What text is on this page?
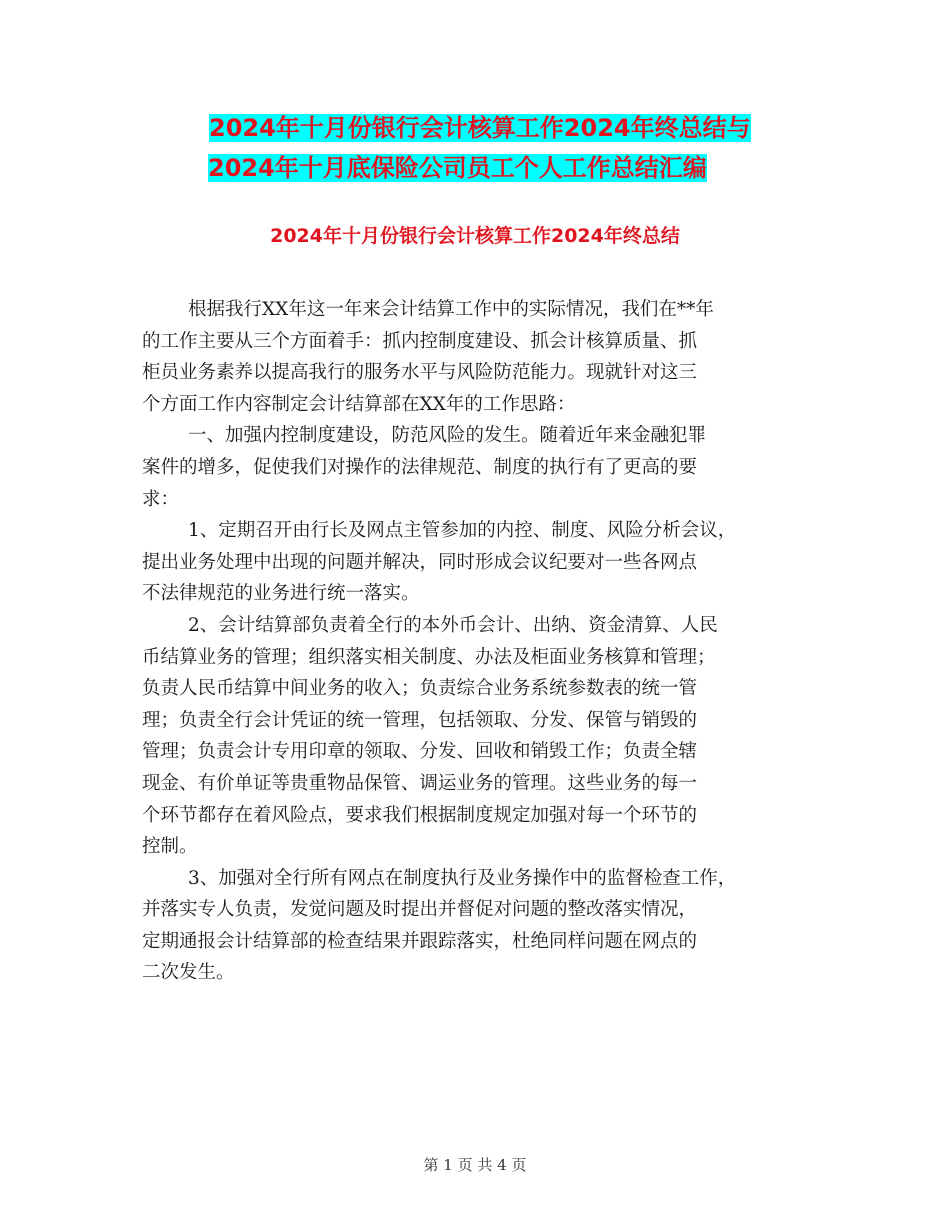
2024年十月份银行会计核算工作2024年终总结与
2024年十月底保险公司员工个人工作总结汇编
2024年十月份银行会计核算工作2024年终总结
根据我行XX年这一年来会计结算工作中的实际情况，我们在**年
的工作主要从三个方面着手：抓内控制度建设、抓会计核算质量、抓
柜员业务素养以提高我行的服务水平与风险防范能力。现就针对这三
个方面工作内容制定会计结算部在XX年的工作思路：
一、加强内控制度建设，防范风险的发生。随着近年来金融犯罪
案件的增多，促使我们对操作的法律规范、制度的执行有了更高的要
求：
1、定期召开由行长及网点主管参加的内控、制度、风险分析会议，
提出业务处理中出现的问题并解决，同时形成会议纪要对一些各网点
不法律规范的业务进行统一落实。
2、会计结算部负责着全行的本外币会计、出纳、资金清算、人民
币结算业务的管理；组织落实相关制度、办法及柜面业务核算和管理；
负责人民币结算中间业务的收入；负责综合业务系统参数表的统一管
理；负责全行会计凭证的统一管理，包括领取、分发、保管与销毁的
管理；负责会计专用印章的领取、分发、回收和销毁工作；负责全辖
现金、有价单证等贵重物品保管、调运业务的管理。这些业务的每一
个环节都存在着风险点，要求我们根据制度规定加强对每一个环节的
控制。
3、加强对全行所有网点在制度执行及业务操作中的监督检查工作，
并落实专人负责，发觉问题及时提出并督促对问题的整改落实情况，
定期通报会计结算部的检查结果并跟踪落实，杜绝同样问题在网点的
二次发生。
第 1 页 共 4 页
